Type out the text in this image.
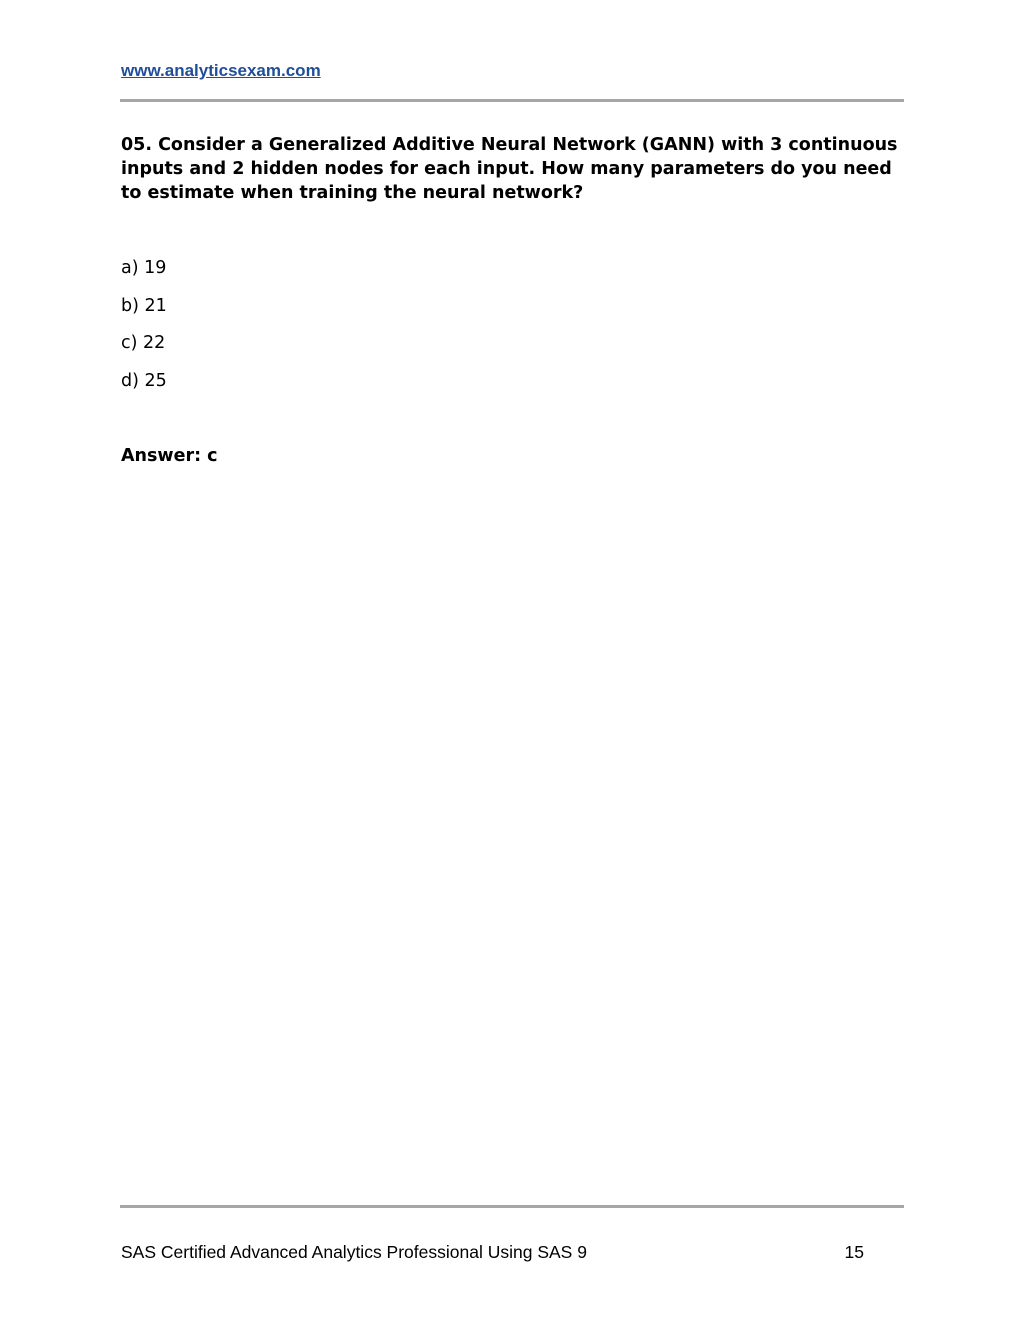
www.analyticsexam.com

05. Consider a Generalized Additive Neural Network (GANN) with 3 continuous inputs and 2 hidden nodes for each input. How many parameters do you need to estimate when training the neural network?

a) 19
b) 21
c) 22
d) 25
Answer: c
SAS Certified Advanced Analytics Professional Using SAS 9	15
